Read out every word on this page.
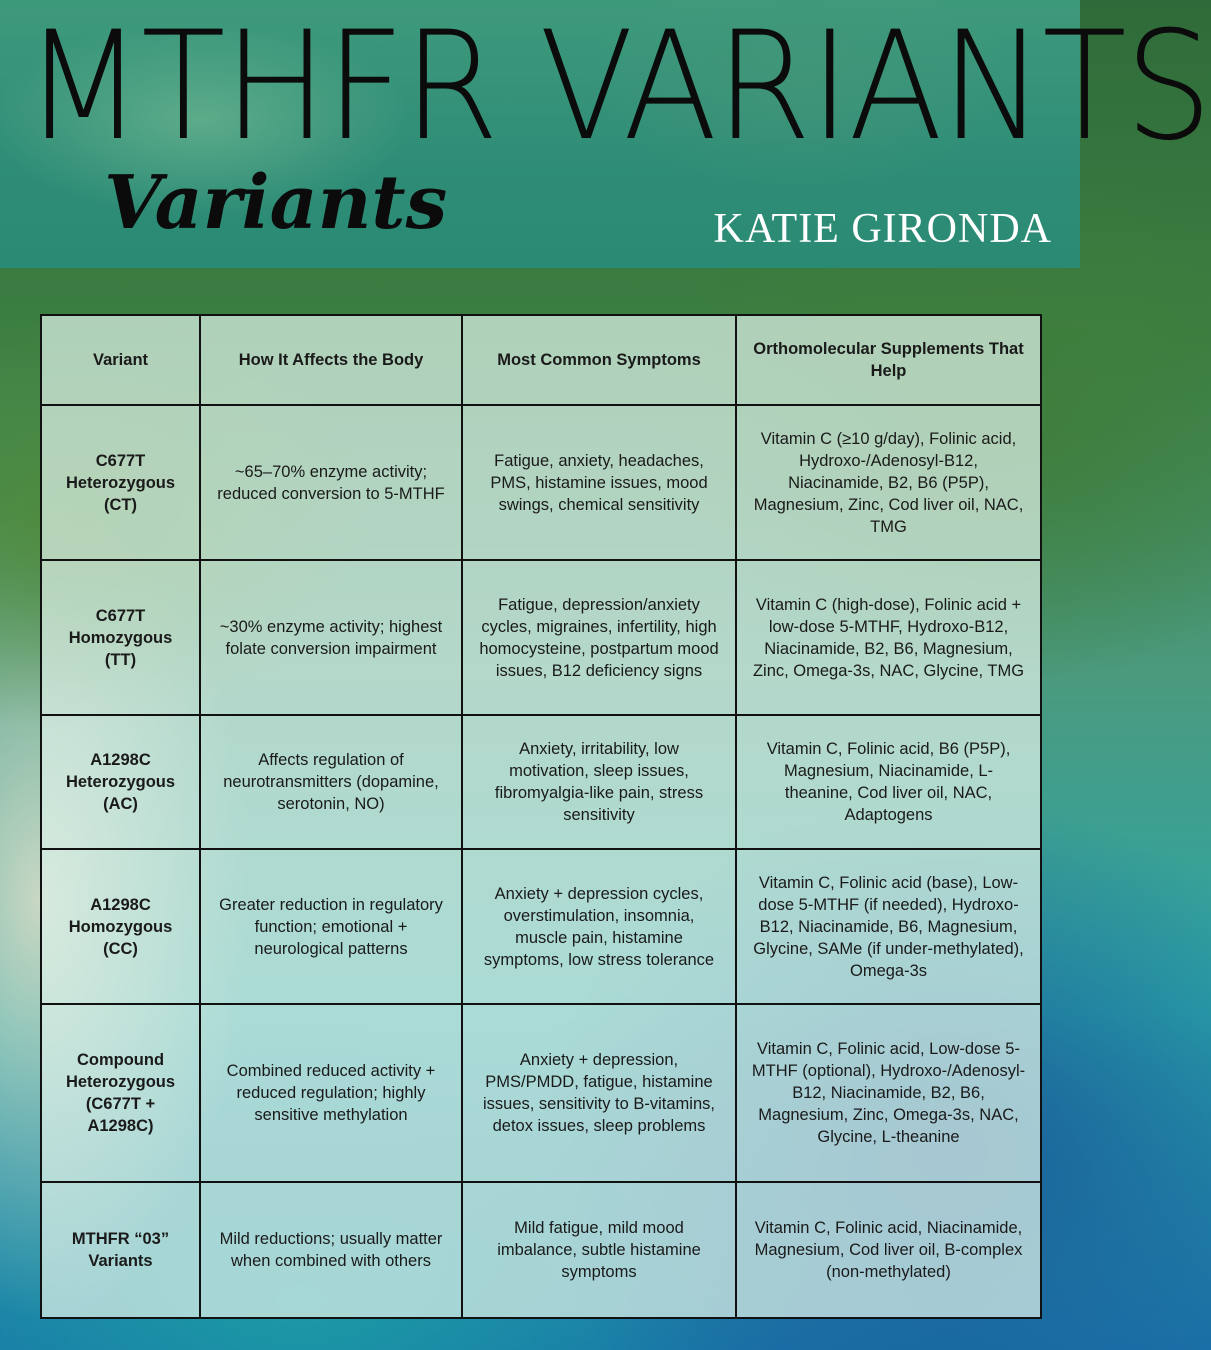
MTHFR VARIANTS
Variants	KATIE GIRONDA
Variant	How It Affects the Body	Most Common Symptoms	Orthomolecular Supplements That Help
C677T Heterozygous (CT)	~65–70% enzyme activity; reduced conversion to 5-MTHF	Fatigue, anxiety, headaches, PMS, histamine issues, mood swings, chemical sensitivity	Vitamin C (≥10 g/day), Folinic acid, Hydroxo-/Adenosyl-B12, Niacinamide, B2, B6 (P5P), Magnesium, Zinc, Cod liver oil, NAC, TMG
C677T Homozygous (TT)	~30% enzyme activity; highest folate conversion impairment	Fatigue, depression/anxiety cycles, migraines, infertility, high homocysteine, postpartum mood issues, B12 deficiency signs	Vitamin C (high-dose), Folinic acid + low-dose 5-MTHF, Hydroxo-B12, Niacinamide, B2, B6, Magnesium, Zinc, Omega-3s, NAC, Glycine, TMG
A1298C Heterozygous (AC)	Affects regulation of neurotransmitters (dopamine, serotonin, NO)	Anxiety, irritability, low motivation, sleep issues, fibromyalgia-like pain, stress sensitivity	Vitamin C, Folinic acid, B6 (P5P), Magnesium, Niacinamide, L-theanine, Cod liver oil, NAC, Adaptogens
A1298C Homozygous (CC)	Greater reduction in regulatory function; emotional + neurological patterns	Anxiety + depression cycles, overstimulation, insomnia, muscle pain, histamine symptoms, low stress tolerance	Vitamin C, Folinic acid (base), Low-dose 5-MTHF (if needed), Hydroxo-B12, Niacinamide, B6, Magnesium, Glycine, SAMe (if under-methylated), Omega-3s
Compound Heterozygous (C677T + A1298C)	Combined reduced activity + reduced regulation; highly sensitive methylation	Anxiety + depression, PMS/PMDD, fatigue, histamine issues, sensitivity to B-vitamins, detox issues, sleep problems	Vitamin C, Folinic acid, Low-dose 5-MTHF (optional), Hydroxo-/Adenosyl-B12, Niacinamide, B2, B6, Magnesium, Zinc, Omega-3s, NAC, Glycine, L-theanine
MTHFR “03” Variants	Mild reductions; usually matter when combined with others	Mild fatigue, mild mood imbalance, subtle histamine symptoms	Vitamin C, Folinic acid, Niacinamide, Magnesium, Cod liver oil, B-complex (non-methylated)
